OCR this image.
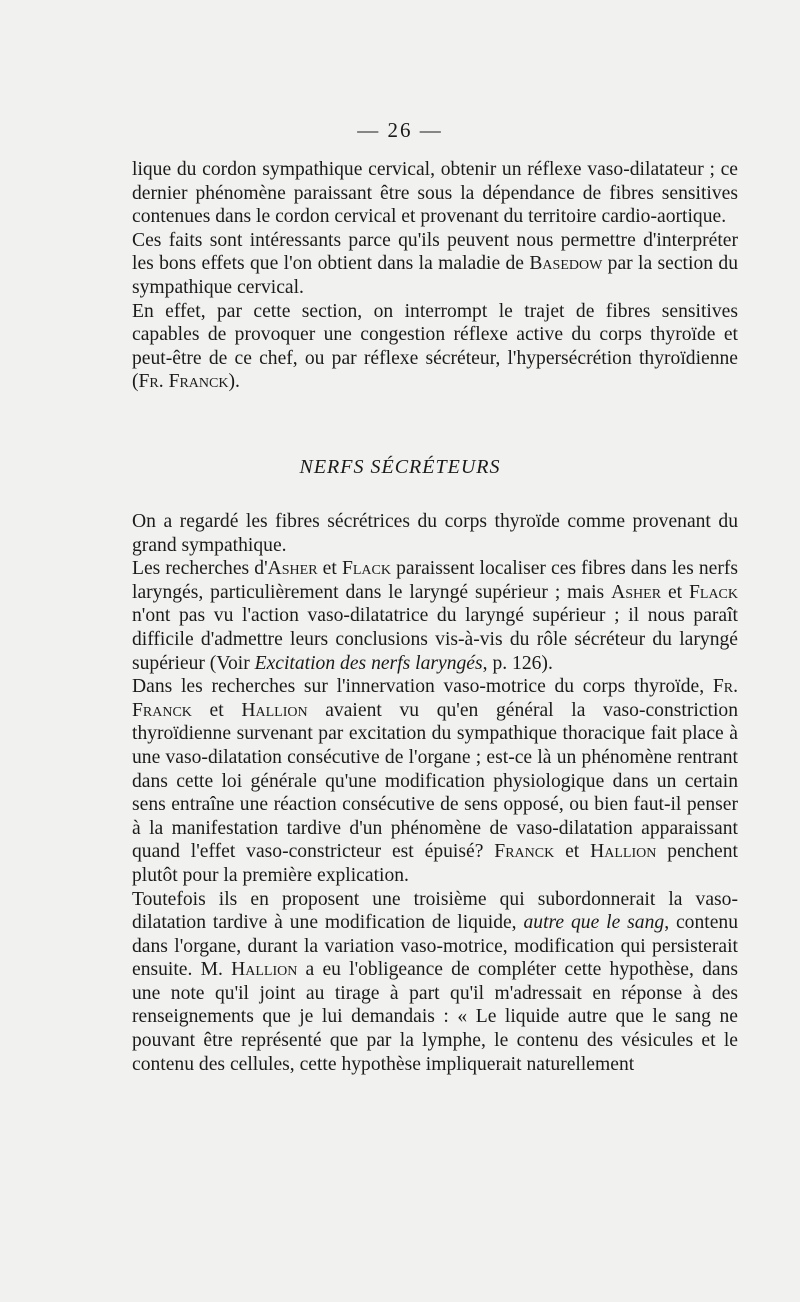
— 26 —

lique du cordon sympathique cervical, obtenir un réflexe vaso-dilatateur ; ce dernier phénomène paraissant être sous la dépendance de fibres sensitives contenues dans le cordon cervical et provenant du territoire cardio-aortique.

Ces faits sont intéressants parce qu'ils peuvent nous permettre d'interpréter les bons effets que l'on obtient dans la maladie de Basedow par la section du sympathique cervical.

En effet, par cette section, on interrompt le trajet de fibres sensitives capables de provoquer une congestion réflexe active du corps thyroïde et peut-être de ce chef, ou par réflexe sécréteur, l'hypersécrétion thyroïdienne (Fr. Franck).

NERFS SÉCRÉTEURS

On a regardé les fibres sécrétrices du corps thyroïde comme provenant du grand sympathique.

Les recherches d'Asher et Flack paraissent localiser ces fibres dans les nerfs laryngés, particulièrement dans le laryngé supérieur ; mais Asher et Flack n'ont pas vu l'action vaso-dilatatrice du laryngé supérieur ; il nous paraît difficile d'admettre leurs conclusions vis-à-vis du rôle sécréteur du laryngé supérieur (Voir Excitation des nerfs laryngés, p. 126).

Dans les recherches sur l'innervation vaso-motrice du corps thyroïde, Fr. Franck et Hallion avaient vu qu'en général la vaso-constriction thyroïdienne survenant par excitation du sympathique thoracique fait place à une vaso-dilatation consécutive de l'organe ; est-ce là un phénomène rentrant dans cette loi générale qu'une modification physiologique dans un certain sens entraîne une réaction consécutive de sens opposé, ou bien faut-il penser à la manifestation tardive d'un phénomène de vaso-dilatation apparaissant quand l'effet vaso-constricteur est épuisé? Franck et Hallion penchent plutôt pour la première explication.

Toutefois ils en proposent une troisième qui subordonnerait la vaso-dilatation tardive à une modification de liquide, autre que le sang, contenu dans l'organe, durant la variation vaso-motrice, modification qui persisterait ensuite. M. Hallion a eu l'obligeance de compléter cette hypothèse, dans une note qu'il joint au tirage à part qu'il m'adressait en réponse à des renseignements que je lui demandais : « Le liquide autre que le sang ne pouvant être représenté que par la lymphe, le contenu des vésicules et le contenu des cellules, cette hypothèse impliquerait naturellement
